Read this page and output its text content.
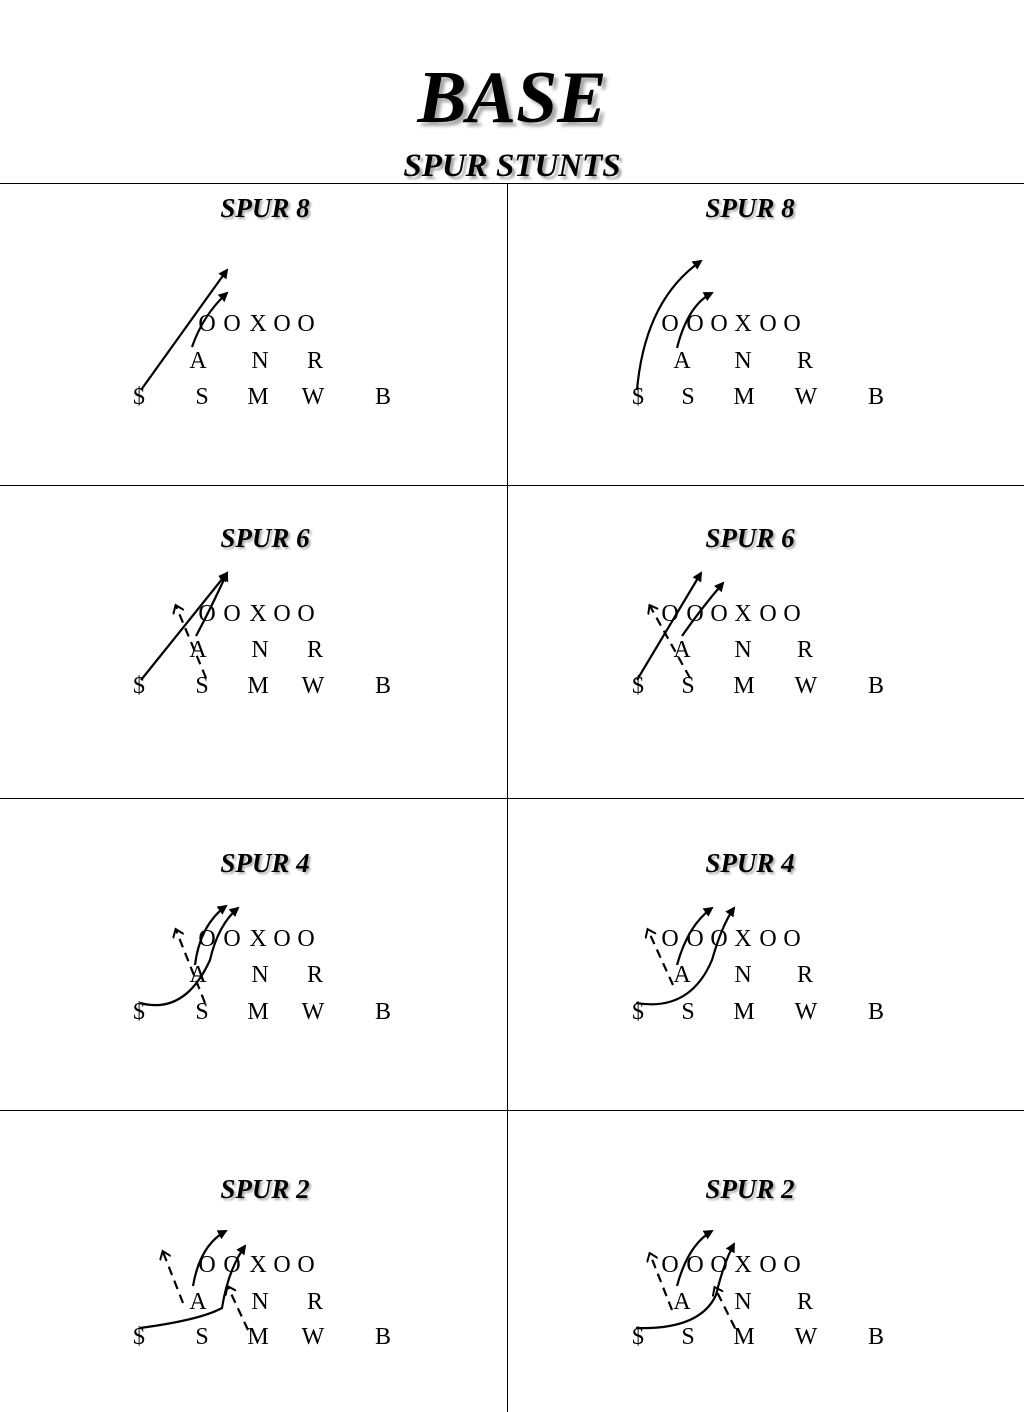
BASE
SPUR STUNTS
SPUR 8
O O X O O
A N R
$ S M W B
SPUR 8
O O O X O O
A N R
$ S M W B
SPUR 6
O O X O O
A N R
$ S M W B
SPUR 6
O O O X O O
A N R
$ S M W B
SPUR 4
O O X O O
A N R
$ S M W B
SPUR 4
O O O X O O
A N R
$ S M W B
SPUR 2
O O X O O
A N R
$ S M W B
SPUR 2
O O O X O O
A N R
$ S M W B
